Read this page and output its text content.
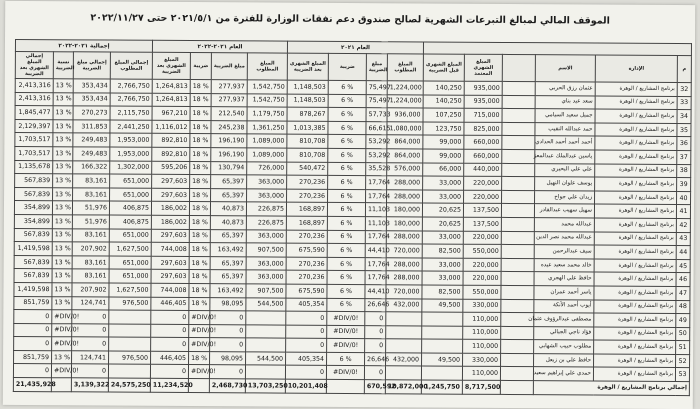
الموقف المالي لمبالغ التبرعات الشهرية لصالح صندوق دعم نفقات الوزارة للفترة من ٢٠٢١/٥/١ حتى ٢٠٢٢/١١/٢٧
إجمالية ٢٠٢١-٢٠٢٢				العام ٢٠٢١-٢٠٢٢				العام ٢٠٢١									
إجمالي المبلغ الشهري بعد الضريبة	نسبة الضريبة	إجمالي مبلغ الضريبة	إجمالي المبلغ المطلوب	المبلغ الشهري بعد الضريبة	ضريبة	مبلغ الضريبة	المبلغ المطلوب	المبلغ الشهري بعد الضريبة	ضريبة	مبلغ الضريبة	المبلغ المطلوب	المبلغ الشهري قبل الضريبة	المبلغ الشهري المعتمد		الاسم	الإدارة	م
2,413,316	13 %	353,434	2,766,750	1,264,813	18 %	277,937	1,542,750	1,148,503	6 %	75,497	1,224,000	140,250	935,000		عثمان رزق الحربي	برنامج المشاريع / الوهرة	32
2,413,316	13 %	353,434	2,766,750	1,264,813	18 %	277,937	1,542,750	1,148,503	6 %	75,497	1,224,000	140,250	935,000		سعد عيد بناي	برنامج المشاريع / الوهرة	33
1,845,477	13 %	270,273	2,115,750	967,210	18 %	212,540	1,179,750	878,267	6 %	57,733	936,000	107,250	715,000		جميل سعيد السيامي	برنامج المشاريع / الوهرة	34
2,129,397	13 %	311,853	2,441,250	1,116,012	18 %	245,238	1,361,250	1,013,385	6 %	66,615	1,080,000	123,750	825,000		حمد عبدالله النقيب	برنامج المشاريع / الوهرة	35
1,703,517	13 %	249,483	1,953,000	892,810	18 %	196,190	1,089,000	810,708	6 %	53,292	864,000	99,000	660,000		أحمد أحمد أحمد الحدادي	برنامج المشاريع / الوهرة	36
1,703,517	13 %	249,483	1,953,000	892,810	18 %	196,190	1,089,000	810,708	6 %	53,292	864,000	99,000	660,000		ياسين عبدالملك عبدالمعز	برنامج المشاريع / الوهرة	37
1,135,678	13 %	166,322	1,302,000	595,206	18 %	130,794	726,000	540,472	6 %	35,528	576,000	66,000	440,000		علي علي البحيري	برنامج المشاريع / الوهرة	38
567,839	13 %	83,161	651,000	297,603	18 %	65,397	363,000	270,236	6 %	17,764	288,000	33,000	220,000		يوسف علوان النهيل	برنامج المشاريع / الوهرة	39
567,839	13 %	83,161	651,000	297,603	18 %	65,397	363,000	270,236	6 %	17,764	288,000	33,000	220,000		زيدان علي جواح	برنامج المشاريع / الوهرة	40
354,899	13 %	51,976	406,875	186,002	18 %	40,873	226,875	168,897	6 %	11,103	180,000	20,625	137,500		سهيل سهيب عبدالقادر	برنامج المشاريع / الوهرة	41
354,899	13 %	51,976	406,875	186,002	18 %	40,873	226,875	168,897	6 %	11,103	180,000	20,625	137,500		عبدالله محمد	برنامج المشاريع / الوهرة	42
567,839	13 %	83,161	651,000	297,603	18 %	65,397	363,000	270,236	6 %	17,764	288,000	33,000	220,000		عبدالله محمد نصر الدين	برنامج المشاريع / الوهرة	43
1,419,598	13 %	207,902	1,627,500	744,008	18 %	163,492	907,500	675,590	6 %	44,410	720,000	82,500	550,000		سيف عبدالرحمن	برنامج المشاريع / الوهرة	44
567,839	13 %	83,161	651,000	297,603	18 %	65,397	363,000	270,236	6 %	17,764	288,000	33,000	220,000		خالد محمد سعيد عيده	برنامج المشاريع / الوهرة	45
567,839	13 %	83,161	651,000	297,603	18 %	65,397	363,000	270,236	6 %	17,764	288,000	33,000	220,000		حافظ علي الهجري	برنامج المشاريع / الوهرة	46
1,419,598	13 %	207,902	1,627,500	744,008	18 %	163,492	907,500	675,590	6 %	44,410	720,000	82,500	550,000		ياسر أحمد عمران	برنامج المشاريع / الوهرة	47
851,759	13 %	124,741	976,500	446,405	18 %	98,095	544,500	405,354	6 %	26,646	432,000	49,500	330,000		أيوب أحمد الأنكة	برنامج المشاريع / الوهرة	48
0	#DIV/0!	0		0	#DIV/0!	0		0	#DIV/0!	0			110,000		مصطفى عبدالرؤوف عثمان	برنامج المشاريع / الوهرة	49
0	#DIV/0!	0		0	#DIV/0!	0		0	#DIV/0!	0			110,000		فؤاد ناجي الجبالي	برنامج المشاريع / الوهرة	50
0	#DIV/0!	0		0	#DIV/0!	0		0	#DIV/0!	0			110,000		مطلوب حبيب الشهابي	برنامج المشاريع / الوهرة	51
851,759	13 %	124,741	976,500	446,405	18 %	98,095	544,500	405,354	6 %	26,646	432,000	49,500	330,000		حافظ علي بن زيعل	برنامج المشاريع / الوهرة	52
0	#DIV/0!	0		0	#DIV/0!	0		0	#DIV/0!	0			110,000		حمدي علي إبراهيم سعيد	برنامج المشاريع / الوهرة	53
21,435,928		3,139,322	24,575,250	11,234,520		2,468,730	13,703,250	10,201,408		670,592	10,872,000	1,245,750	8,717,500		إجمالي برنامج المشاريع / الوهرة		
